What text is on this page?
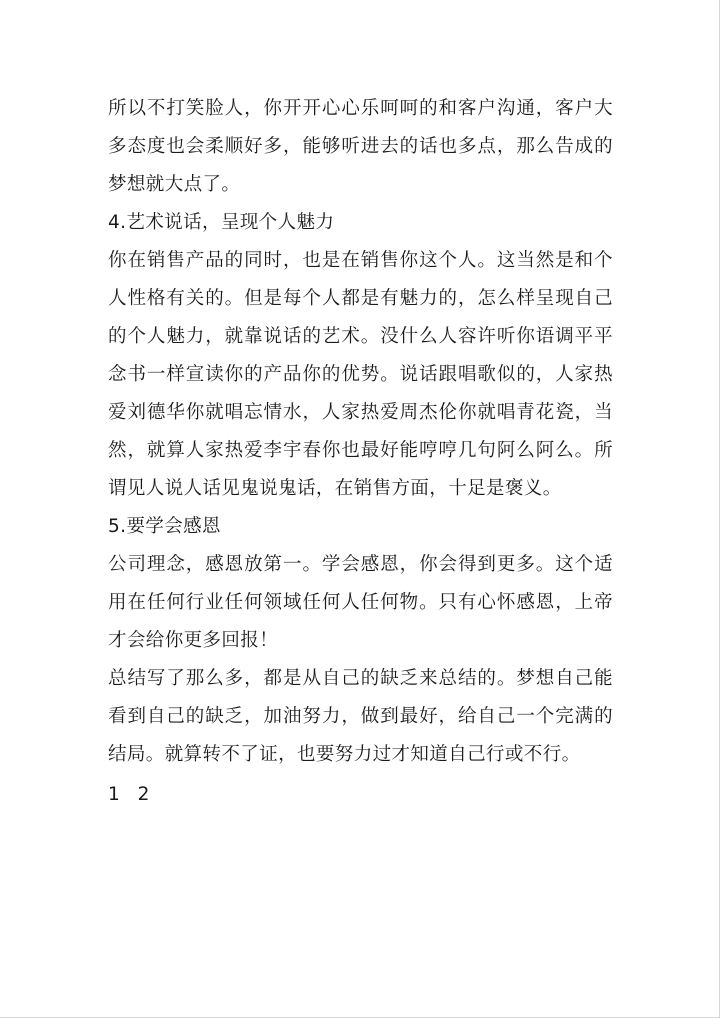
所以不打笑脸人，你开开心心乐呵呵的和客户沟通，客户大多态度也会柔顺好多，能够听进去的话也多点，那么告成的梦想就大点了。

4.艺术说话，呈现个人魅力

你在销售产品的同时，也是在销售你这个人。这当然是和个人性格有关的。但是每个人都是有魅力的，怎么样呈现自己的个人魅力，就靠说话的艺术。没什么人容许听你语调平平念书一样宣读你的产品你的优势。说话跟唱歌似的，人家热爱刘德华你就唱忘情水，人家热爱周杰伦你就唱青花瓷，当然，就算人家热爱李宇春你也最好能哼哼几句阿么阿么。所谓见人说人话见鬼说鬼话，在销售方面，十足是褒义。

5.要学会感恩

公司理念，感恩放第一。学会感恩，你会得到更多。这个适用在任何行业任何领域任何人任何物。只有心怀感恩，上帝才会给你更多回报！

总结写了那么多，都是从自己的缺乏来总结的。梦想自己能看到自己的缺乏，加油努力，做到最好，给自己一个完满的结局。就算转不了证，也要努力过才知道自己行或不行。

1 2
